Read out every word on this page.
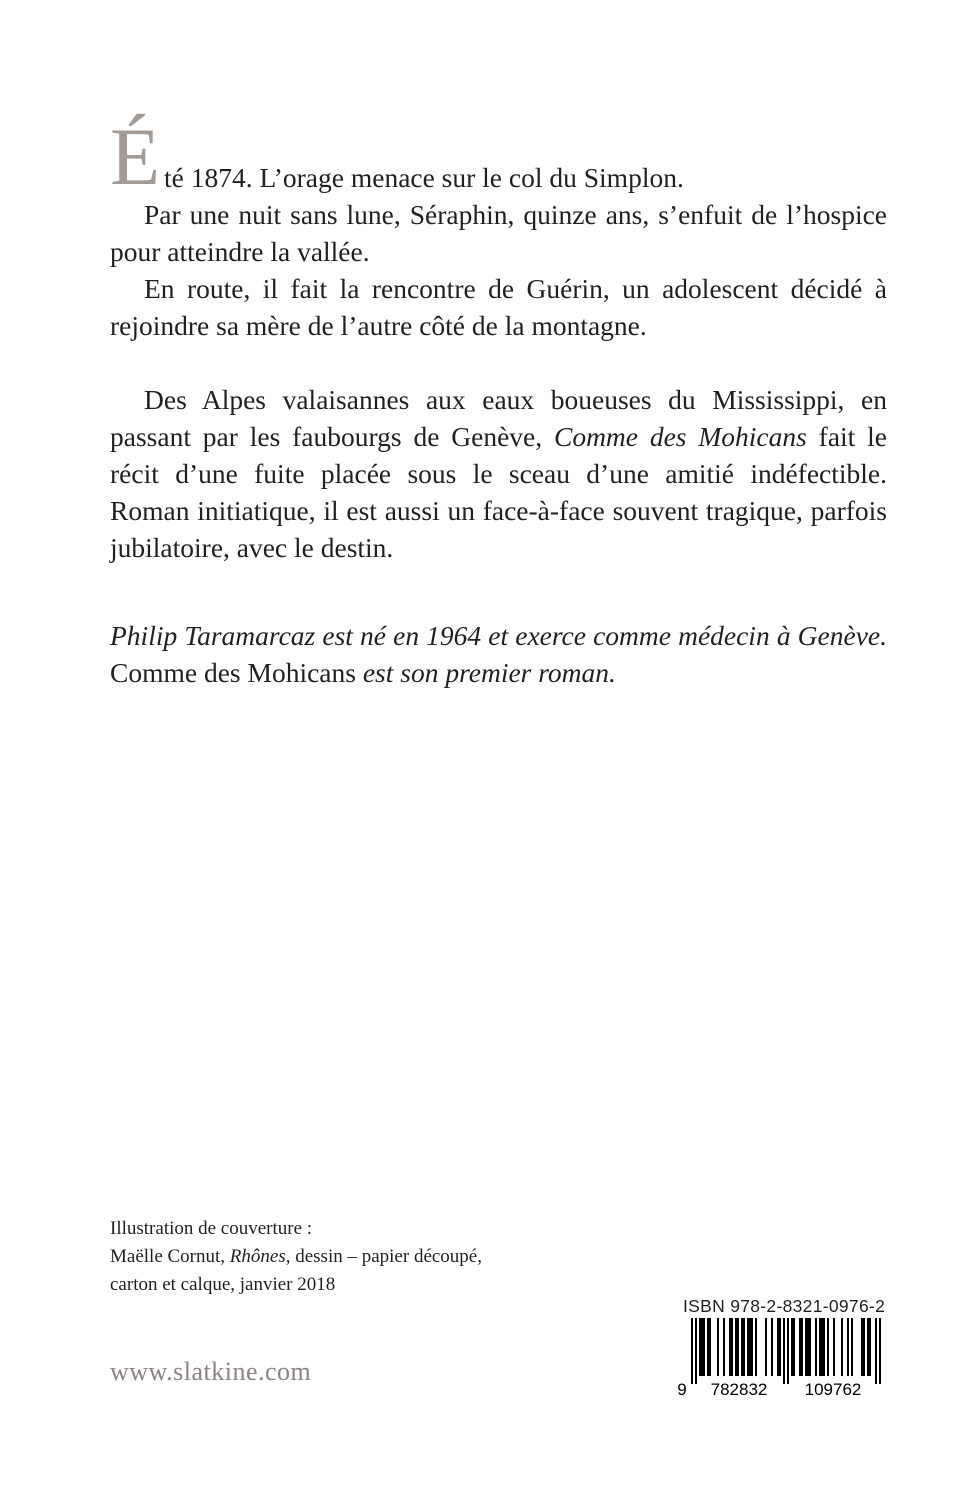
É té 1874. L’orage menace sur le col du Simplon.

Par une nuit sans lune, Séraphin, quinze ans, s’enfuit de l’hospice pour atteindre la vallée.

En route, il fait la rencontre de Guérin, un adolescent décidé à rejoindre sa mère de l’autre côté de la montagne.

Des Alpes valaisannes aux eaux boueuses du Mississippi, en passant par les faubourgs de Genève, Comme des Mohicans fait le récit d’une fuite placée sous le sceau d’une amitié indéfectible. Roman initiatique, il est aussi un face-à-face souvent tragique, parfois jubilatoire, avec le destin.

Philip Taramarcaz est né en 1964 et exerce comme médecin à Genève. Comme des Mohicans est son premier roman.

Illustration de couverture :
Maëlle Cornut, Rhônes, dessin – papier découpé,
carton et calque, janvier 2018

www.slatkine.com
ISBN 978-2-8321-0976-2
9 782832 109762
